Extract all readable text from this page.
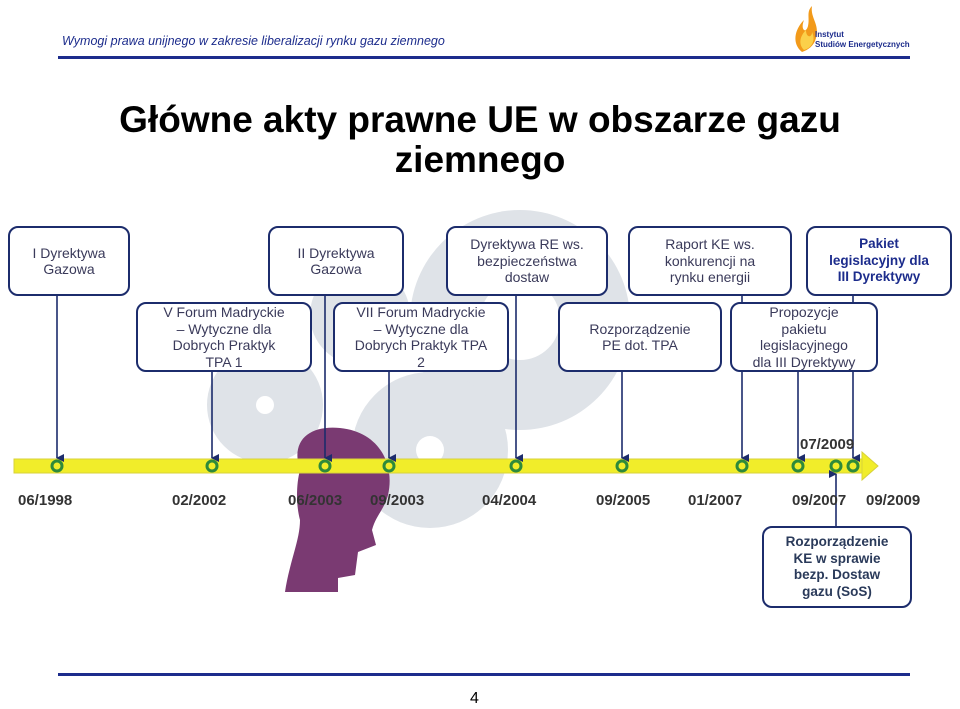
Wymogi prawa unijnego w zakresie liberalizacji rynku gazu ziemnego	Instytut
Studiów Energetycznych
Główne akty prawne UE w obszarze gazu
ziemnego
I Dyrektywa
Gazowa
II Dyrektywa
Gazowa
Dyrektywa RE ws.
bezpieczeństwa
dostaw
Raport KE ws.
konkurencji na
rynku energii
Pakiet
legislacyjny dla
III Dyrektywy
V Forum Madryckie
– Wytyczne dla
Dobrych Praktyk
TPA 1
VII Forum Madryckie
– Wytyczne dla
Dobrych Praktyk TPA
2
Rozporządzenie
PE dot. TPA
Propozycje
pakietu
legislacyjnego
dla III Dyrektywy
Rozporządzenie
KE w sprawie
bezp. Dostaw
gazu (SoS)
06/1998	02/2002	06/2003 09/2003	04/2004	09/2005	01/2007	09/2007 09/2009
07/2009
4
